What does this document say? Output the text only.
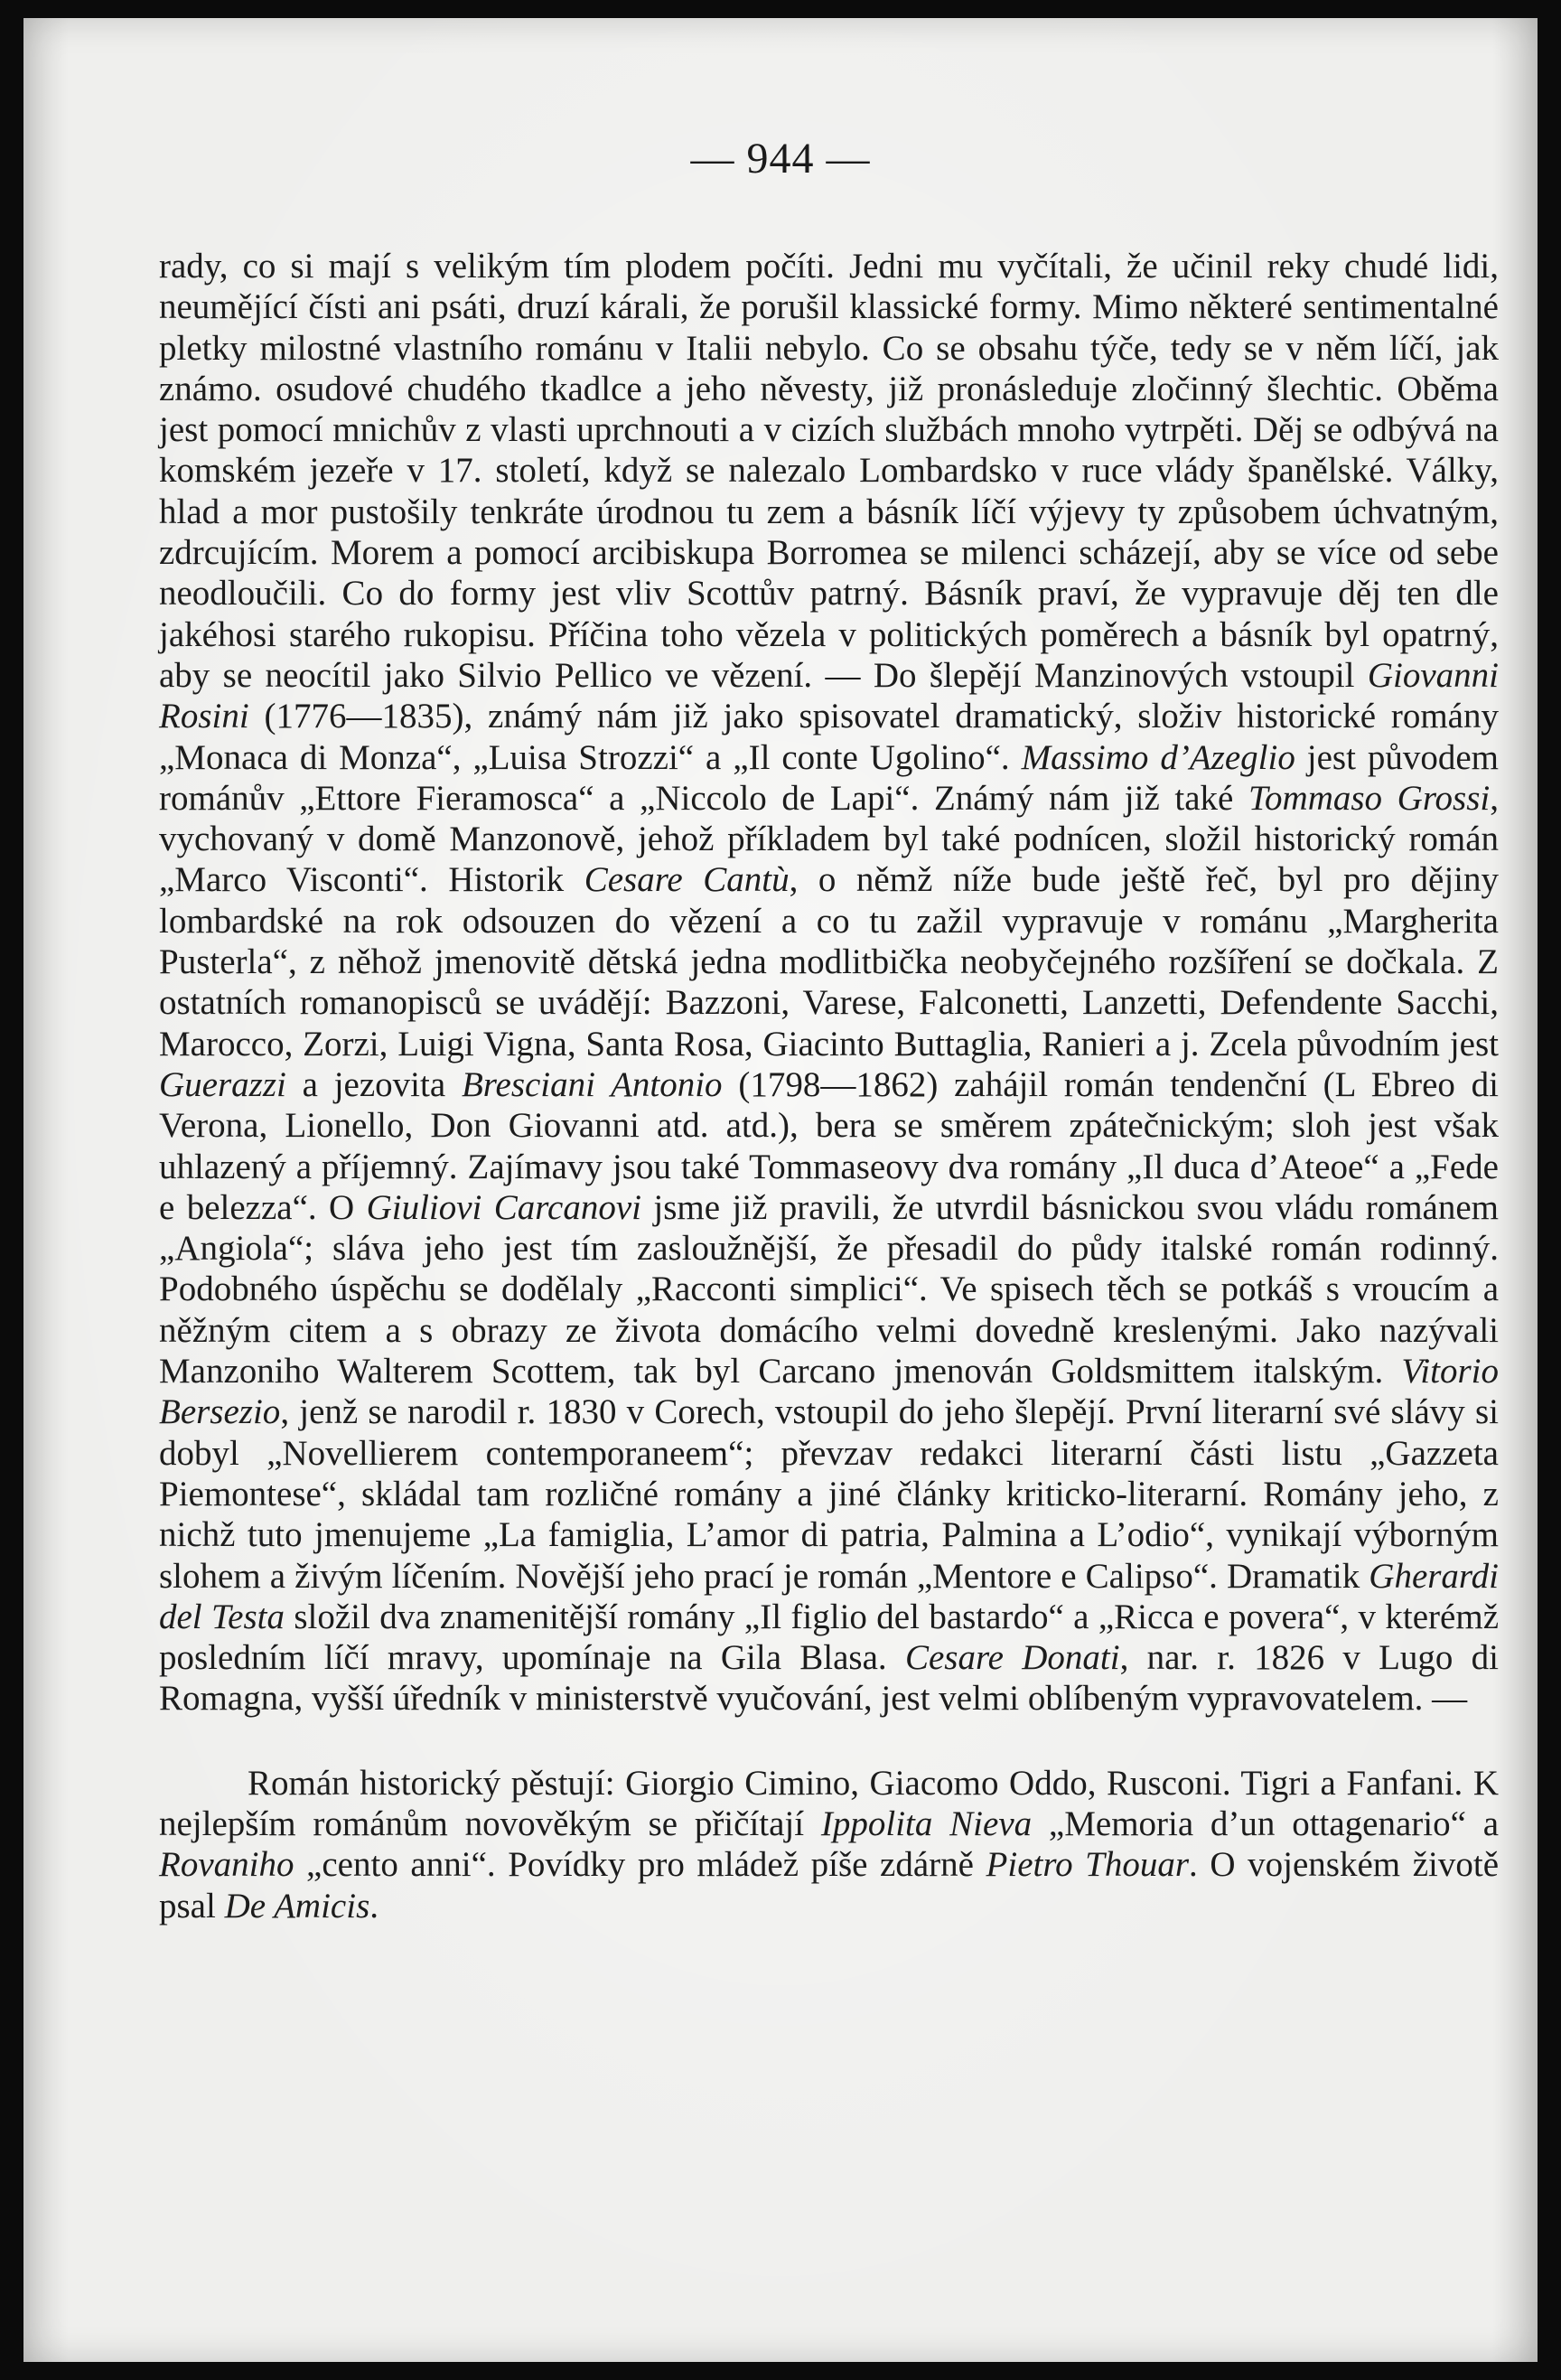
— 944 —

rady, co si mají s velikým tím plodem počíti. Jedni mu vyčítali, že učinil reky chudé lidi, neumějící čísti ani psáti, druzí kárali, že porušil klassické formy. Mimo některé sentimentalné pletky milostné vlastního románu v Italii nebylo. Co se obsahu týče, tedy se v něm líčí, jak známo. osudové chudého tkadlce a jeho něvesty, již pronásleduje zločinný šlechtic. Oběma jest pomocí mnichův z vlasti uprchnouti a v cizích službách mnoho vytrpěti. Děj se odbývá na komském jezeře v 17. století, když se nalezalo Lombardsko v ruce vlády španělské. Války, hlad a mor pustošily tenkráte úrodnou tu zem a básník líčí výjevy ty způsobem úchvatným, zdrcujícím. Morem a pomocí arcibiskupa Borromea se milenci scházejí, aby se více od sebe neodloučili. Co do formy jest vliv Scottův patrný. Básník praví, že vypravuje děj ten dle jakéhosi starého rukopisu. Příčina toho vězela v politických poměrech a básník byl opatrný, aby se neocítil jako Silvio Pellico ve vězení. — Do šlepějí Manzinových vstoupil Giovanni Rosini (1776—1835), známý nám již jako spisovatel dramatický, složiv historické romány „Monaca di Monza“, „Luisa Strozzi“ a „Il conte Ugolino“. Massimo d’Azeglio jest původem románův „Ettore Fieramosca“ a „Niccolo de Lapi“. Známý nám již také Tommaso Grossi, vychovaný v domě Manzonově, jehož příkladem byl také podnícen, složil historický román „Marco Visconti“. Historik Cesare Cantù, o němž níže bude ještě řeč, byl pro dějiny lombardské na rok odsouzen do vězení a co tu zažil vypravuje v románu „Margherita Pusterla“, z něhož jmenovitě dětská jedna modlitbička neobyčejného rozšíření se dočkala. Z ostatních romanopisců se uvádějí: Bazzoni, Varese, Falconetti, Lanzetti, Defendente Sacchi, Marocco, Zorzi, Luigi Vigna, Santa Rosa, Giacinto Buttaglia, Ranieri a j. Zcela původním jest Guerazzi a jezovita Bresciani Antonio (1798—1862) zahájil román tendenční (L Ebreo di Verona, Lionello, Don Giovanni atd. atd.), bera se směrem zpátečnickým; sloh jest však uhlazený a příjemný. Zajímavy jsou také Tommaseovy dva romány „Il duca d’Ateoe“ a „Fede e belezza“. O Giuliovi Carcanovi jsme již pravili, že utvrdil básnickou svou vládu románem „Angiola“; sláva jeho jest tím zasloužnější, že přesadil do půdy italské román rodinný. Podobného úspěchu se dodělaly „Racconti simplici“. Ve spisech těch se potkáš s vroucím a něžným citem a s obrazy ze života domácího velmi dovedně kreslenými. Jako nazývali Manzoniho Walterem Scottem, tak byl Carcano jmenován Goldsmittem italským. Vitorio Bersezio, jenž se narodil r. 1830 v Corech, vstoupil do jeho šlepějí. První literarní své slávy si dobyl „Novellierem contemporaneem“; převzav redakci literarní části listu „Gazzeta Piemontese“, skládal tam rozličné romány a jiné články kriticko-literarní. Romány jeho, z nichž tuto jmenujeme „La famiglia, L’amor di patria, Palmina a L’odio“, vynikají výborným slohem a živým líčením. Novější jeho prací je román „Mentore e Calipso“. Dramatik Gherardi del Testa složil dva znamenitější romány „Il figlio del bastardo“ a „Ricca e povera“, v kterémž posledním líčí mravy, upomínaje na Gila Blasa. Cesare Donati, nar. r. 1826 v Lugo di Romagna, vyšší úředník v ministerstvě vyučování, jest velmi oblíbeným vypravovatelem. —

Román historický pěstují: Giorgio Cimino, Giacomo Oddo, Rusconi. Tigri a Fanfani. K nejlepším románům novověkým se přičítají Ippolita Nieva „Memoria d’un ottagenario“ a Rovaniho „cento anni“. Povídky pro mládež píše zdárně Pietro Thouar. O vojenském životě psal De Amicis.
